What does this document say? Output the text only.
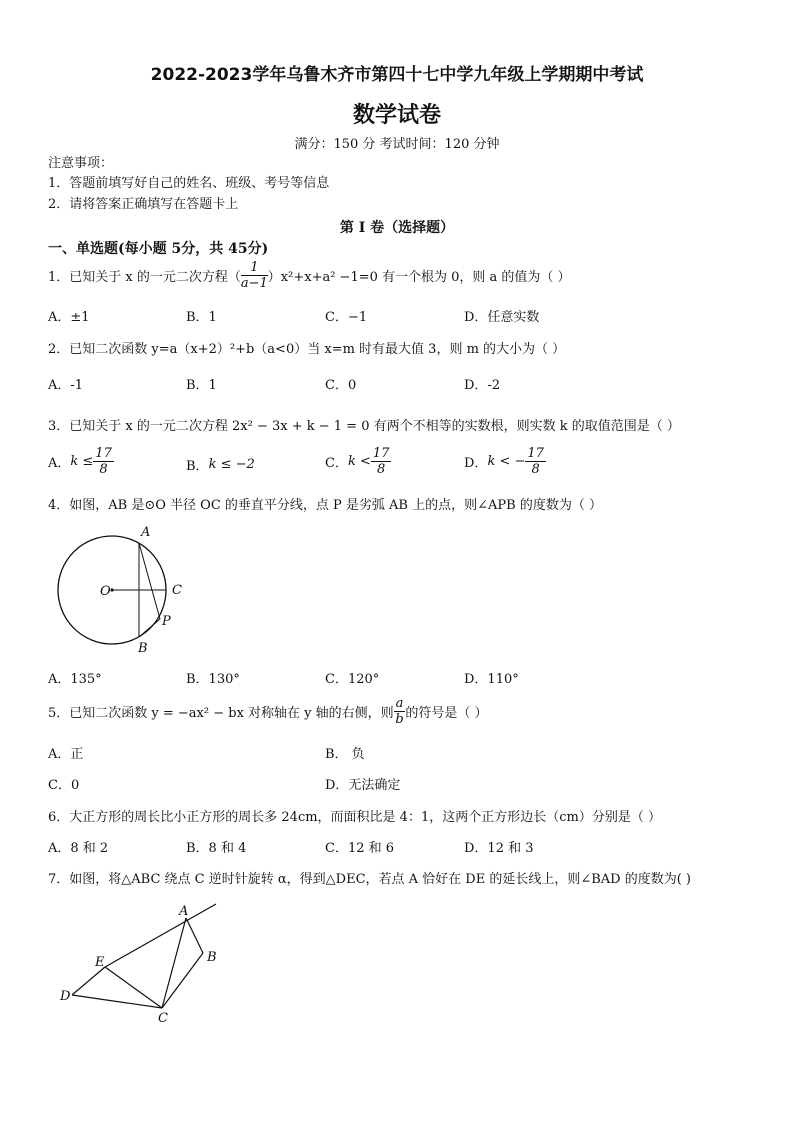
2022-2023学年乌鲁木齐市第四十七中学九年级上学期期中考试
数学试卷
满分：150 分 考试时间：120 分钟
注意事项：
1．答题前填写好自己的姓名、班级、考号等信息
2．请将答案正确填写在答题卡上
第 I 卷（选择题）
一、单选题(每小题 5分，共 45分)
1．已知关于 x 的一元二次方程（ $\frac{1}{a-1} )x^2+x+a^2 -1=0$ 有一个根为 0，则 a 的值为（ ）
A．±1	B．1	C．−1	D．任意实数
2．已知二次函数 y=a（x+2）²+b（a<0）当 x=m 时有最大值 3，则 m 的大小为（ ）
A．-1	B．1	C．0	D．-2
3．已知关于 x 的一元二次方程 2x² − 3x + k − 1 = 0 有两个不相等的实数根，则实数 k 的取值范围是（ ）
A． $k \le \frac{17}{8}$	B． k ≤ −2	C． $k < \frac{17}{8}$	D． k < − $\frac{17}{8}$
4．如图，AB 是⊙O 半径 OC 的垂直平分线，点 P 是劣弧 AB 上的点，则∠APB 的度数为（ ）
A
O	C
P
B
A．135°	B．130°	C．120°	D．110°
5．已知二次函数 y = −ax² − bx 对称轴在 y 轴的右侧，则 $\frac{a}{b}$ 的符号是（ ）
A．正	B． 负
C．0	D．无法确定
6．大正方形的周长比小正方形的周长多 24cm，而面积比是 4：1，这两个正方形边长（cm）分别是（ ）
A．8 和 2	B．8 和 4	C．12 和 6	D．12 和 3
7．如图，将△ABC 绕点 C 逆时针旋转 α，得到△DEC，若点 A 恰好在 DE 的延长线上，则∠BAD 的度数为( )
A
B
E
D
C
